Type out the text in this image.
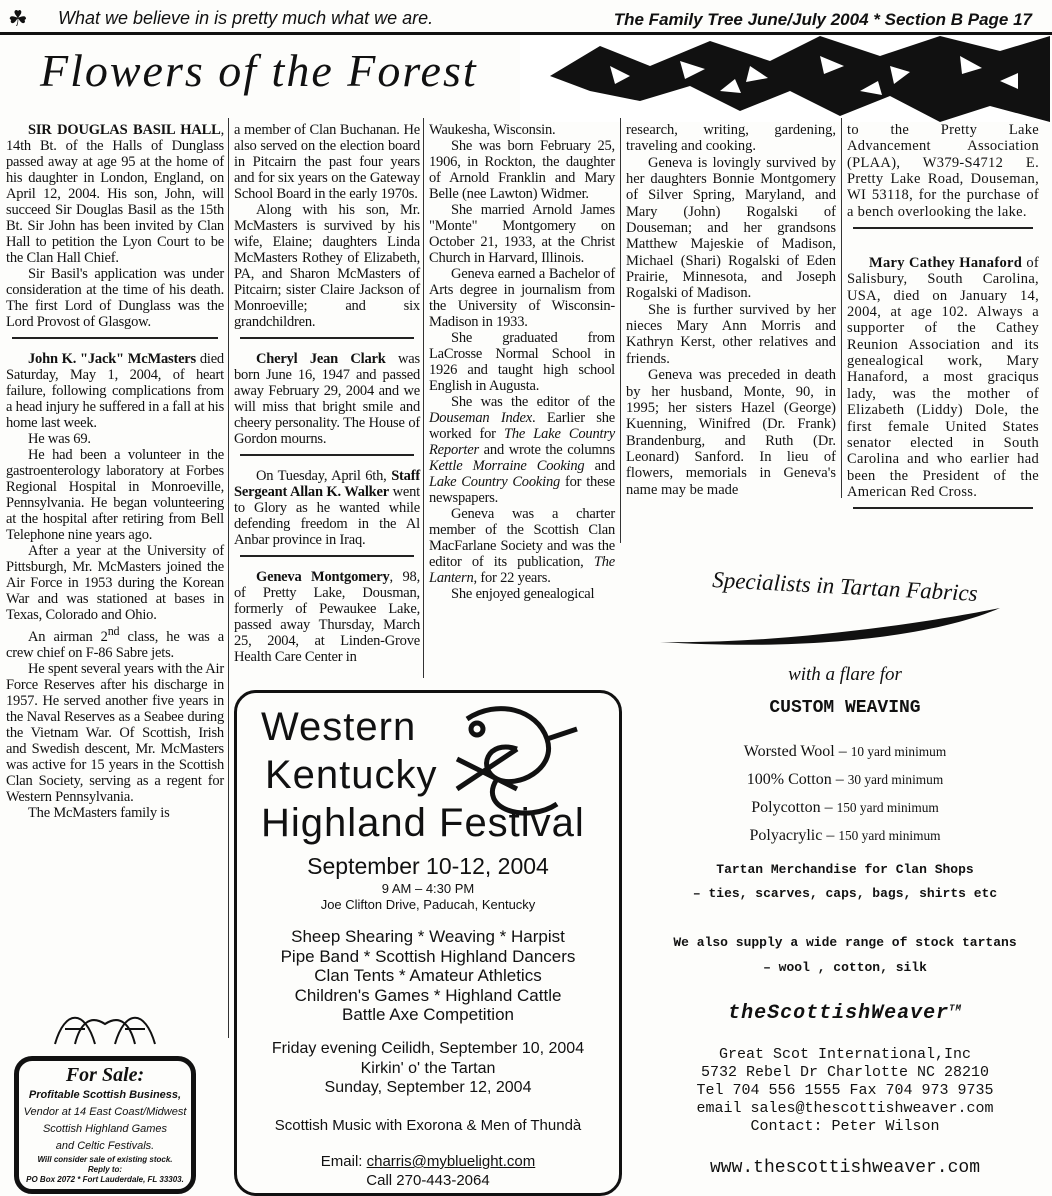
☘ What we believe in is pretty much what we are.	The Family Tree June/July 2004 * Section B Page 17
Flowers of the Forest

SIR DOUGLAS BASIL HALL, 14th Bt. of the Halls of Dunglass passed away at age 95 at the home of his daughter in London, England, on April 12, 2004. His son, John, will succeed Sir Douglas Basil as the 15th Bt. Sir John has been invited by Clan Hall to petition the Lyon Court to be the Clan Hall Chief.

Sir Basil's application was under consideration at the time of his death. The first Lord of Dunglass was the Lord Provost of Glasgow.

John K. "Jack" McMasters died Saturday, May 1, 2004, of heart failure, following complications from a head injury he suffered in a fall at his home last week.

He was 69.

He had been a volunteer in the gastroenterology laboratory at Forbes Regional Hospital in Monroeville, Pennsylvania. He began volunteering at the hospital after retiring from Bell Telephone nine years ago.

After a year at the University of Pittsburgh, Mr. McMasters joined the Air Force in 1953 during the Korean War and was stationed at bases in Texas, Colorado and Ohio.

An airman 2nd class, he was a crew chief on F-86 Sabre jets.

He spent several years with the Air Force Reserves after his discharge in 1957. He served another five years in the Naval Reserves as a Seabee during the Vietnam War. Of Scottish, Irish and Swedish descent, Mr. McMasters was active for 15 years in the Scottish Clan Society, serving as a regent for Western Pennsylvania.

The McMasters family is

For Sale:
Profitable Scottish Business,
Vendor at 14 East Coast/Midwest
Scottish Highland Games
and Celtic Festivals.
Will consider sale of existing stock.
Reply to:
PO Box 2072 * Fort Lauderdale, FL 33303.

a member of Clan Buchanan. He also served on the election board in Pitcairn the past four years and for six years on the Gateway School Board in the early 1970s.

Along with his son, Mr. McMasters is survived by his wife, Elaine; daughters Linda McMasters Rothey of Elizabeth, PA, and Sharon McMasters of Pitcairn; sister Claire Jackson of Monroeville; and six grandchildren.

Cheryl Jean Clark was born June 16, 1947 and passed away February 29, 2004 and we will miss that bright smile and cheery personality. The House of Gordon mourns.

On Tuesday, April 6th, Staff Sergeant Allan K. Walker went to Glory as he wanted while defending freedom in the Al Anbar province in Iraq.

Geneva Montgomery, 98, of Pretty Lake, Dousman, formerly of Pewaukee Lake, passed away Thursday, March 25, 2004, at Linden-Grove Health Care Center in

Waukesha, Wisconsin.

She was born February 25, 1906, in Rockton, the daughter of Arnold Franklin and Mary Belle (nee Lawton) Widmer.

She married Arnold James "Monte" Montgomery on October 21, 1933, at the Christ Church in Harvard, Illinois.

Geneva earned a Bachelor of Arts degree in journalism from the University of Wisconsin-Madison in 1933.

She graduated from LaCrosse Normal School in 1926 and taught high school English in Augusta.

She was the editor of the Douseman Index. Earlier she worked for The Lake Country Reporter and wrote the columns Kettle Morraine Cooking and Lake Country Cooking for these newspapers.

Geneva was a charter member of the Scottish Clan MacFarlane Society and was the editor of its publication, The Lantern, for 22 years.

She enjoyed genealogical

research, writing, gardening, traveling and cooking.

Geneva is lovingly survived by her daughters Bonnie Montgomery of Silver Spring, Maryland, and Mary (John) Rogalski of Douseman; and her grandsons Matthew Majeskie of Madison, Michael (Shari) Rogalski of Eden Prairie, Minnesota, and Joseph Rogalski of Madison.

She is further survived by her nieces Mary Ann Morris and Kathryn Kerst, other relatives and friends.

Geneva was preceded in death by her husband, Monte, 90, in 1995; her sisters Hazel (George) Kuenning, Winifred (Dr. Frank) Brandenburg, and Ruth (Dr. Leonard) Sanford. In lieu of flowers, memorials in Geneva's name may be made

to the Pretty Lake Advancement Association (PLAA), W379-S4712 E. Pretty Lake Road, Douseman, WI 53118, for the purchase of a bench overlooking the lake.

Mary Cathey Hanaford of Salisbury, South Carolina, USA, died on January 14, 2004, at age 102. Always a supporter of the Cathey Reunion Association and its genealogical work, Mary Hanaford, a most graciqus lady, was the mother of Elizabeth (Liddy) Dole, the first female United States senator elected in South Carolina and who earlier had been the President of the American Red Cross.

Western
Kentucky
Highland Festival
September 10-12, 2004
9 AM – 4:30 PM
Joe Clifton Drive, Paducah, Kentucky
Sheep Shearing * Weaving * Harpist
Pipe Band * Scottish Highland Dancers
Clan Tents * Amateur Athletics
Children's Games * Highland Cattle
Battle Axe Competition
Friday evening Ceilidh, September 10, 2004
Kirkin' o' the Tartan
Sunday, September 12, 2004
Scottish Music with Exorona & Men of Thundà
Email: charris@mybluelight.com
Call 270-443-2064
Specialists in Tartan Fabrics
with a flare for
CUSTOM WEAVING
Worsted Wool – 10 yard minimum
100% Cotton – 30 yard minimum
Polycotton – 150 yard minimum
Polyacrylic – 150 yard minimum
Tartan Merchandise for Clan Shops
– ties, scarves, caps, bags, shirts etc
We also supply a wide range of stock tartans
– wool , cotton, silk
theScottishWeaver™
Great Scot International,Inc
5732 Rebel Dr Charlotte NC 28210
Tel 704 556 1555 Fax 704 973 9735
email sales@thescottishweaver.com
Contact: Peter Wilson
www.thescottishweaver.com
